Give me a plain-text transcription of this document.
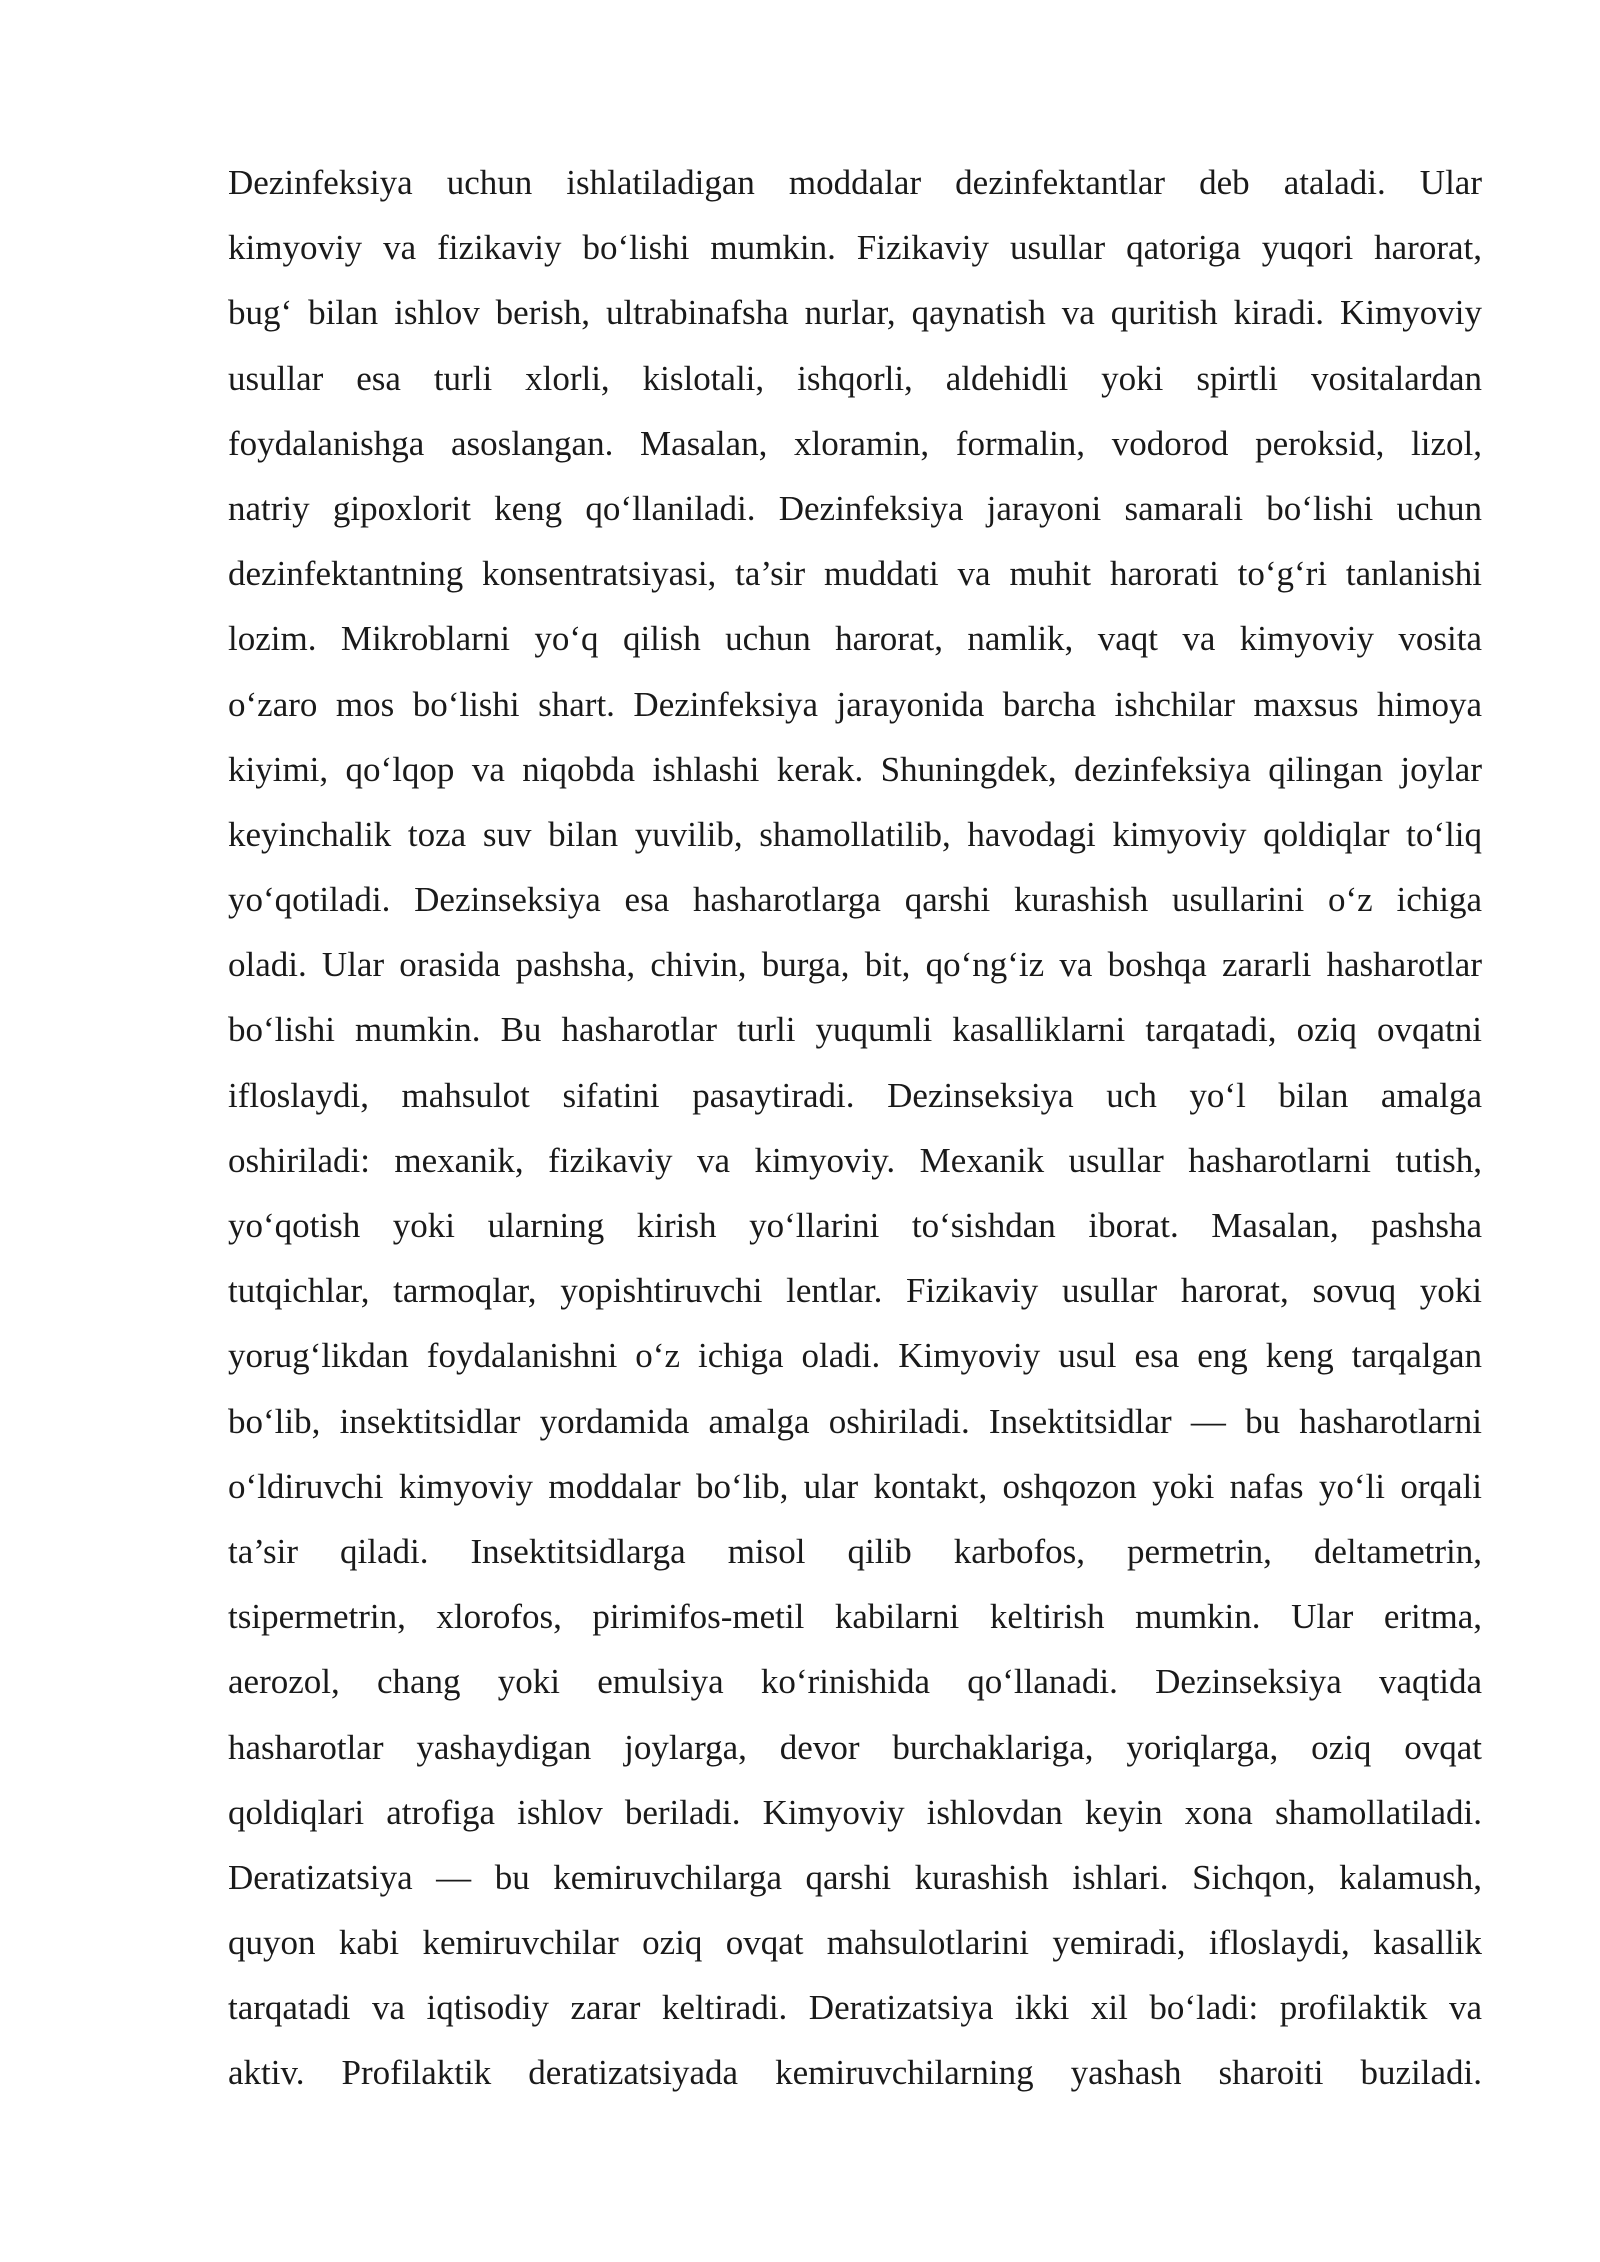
Dezinfeksiya uchun ishlatiladigan moddalar dezinfektantlar deb ataladi. Ular
kimyoviy va fizikaviy bo‘lishi mumkin. Fizikaviy usullar qatoriga yuqori harorat,
bug‘ bilan ishlov berish, ultrabinafsha nurlar, qaynatish va quritish kiradi. Kimyoviy
usullar esa turli xlorli, kislotali, ishqorli, aldehidli yoki spirtli vositalardan
foydalanishga asoslangan. Masalan, xloramin, formalin, vodorod peroksid, lizol,
natriy gipoxlorit keng qo‘llaniladi. Dezinfeksiya jarayoni samarali bo‘lishi uchun
dezinfektantning konsentratsiyasi, ta’sir muddati va muhit harorati to‘g‘ri tanlanishi
lozim. Mikroblarni yo‘q qilish uchun harorat, namlik, vaqt va kimyoviy vosita
o‘zaro mos bo‘lishi shart. Dezinfeksiya jarayonida barcha ishchilar maxsus himoya
kiyimi, qo‘lqop va niqobda ishlashi kerak. Shuningdek, dezinfeksiya qilingan joylar
keyinchalik toza suv bilan yuvilib, shamollatilib, havodagi kimyoviy qoldiqlar to‘liq
yo‘qotiladi. Dezinseksiya esa hasharotlarga qarshi kurashish usullarini o‘z ichiga
oladi. Ular orasida pashsha, chivin, burga, bit, qo‘ng‘iz va boshqa zararli hasharotlar
bo‘lishi mumkin. Bu hasharotlar turli yuqumli kasalliklarni tarqatadi, oziq ovqatni
ifloslaydi, mahsulot sifatini pasaytiradi. Dezinseksiya uch yo‘l bilan amalga
oshiriladi: mexanik, fizikaviy va kimyoviy. Mexanik usullar hasharotlarni tutish,
yo‘qotish yoki ularning kirish yo‘llarini to‘sishdan iborat. Masalan, pashsha
tutqichlar, tarmoqlar, yopishtiruvchi lentlar. Fizikaviy usullar harorat, sovuq yoki
yorug‘likdan foydalanishni o‘z ichiga oladi. Kimyoviy usul esa eng keng tarqalgan
bo‘lib, insektitsidlar yordamida amalga oshiriladi. Insektitsidlar — bu hasharotlarni
o‘ldiruvchi kimyoviy moddalar bo‘lib, ular kontakt, oshqozon yoki nafas yo‘li orqali
ta’sir qiladi. Insektitsidlarga misol qilib karbofos, permetrin, deltametrin,
tsipermetrin, xlorofos, pirimifos-metil kabilarni keltirish mumkin. Ular eritma,
aerozol, chang yoki emulsiya ko‘rinishida qo‘llanadi. Dezinseksiya vaqtida
hasharotlar yashaydigan joylarga, devor burchaklariga, yoriqlarga, oziq ovqat
qoldiqlari atrofiga ishlov beriladi. Kimyoviy ishlovdan keyin xona shamollatiladi.
Deratizatsiya — bu kemiruvchilarga qarshi kurashish ishlari. Sichqon, kalamush,
quyon kabi kemiruvchilar oziq ovqat mahsulotlarini yemiradi, ifloslaydi, kasallik
tarqatadi va iqtisodiy zarar keltiradi. Deratizatsiya ikki xil bo‘ladi: profilaktik va
aktiv. Profilaktik deratizatsiyada kemiruvchilarning yashash sharoiti buziladi.
